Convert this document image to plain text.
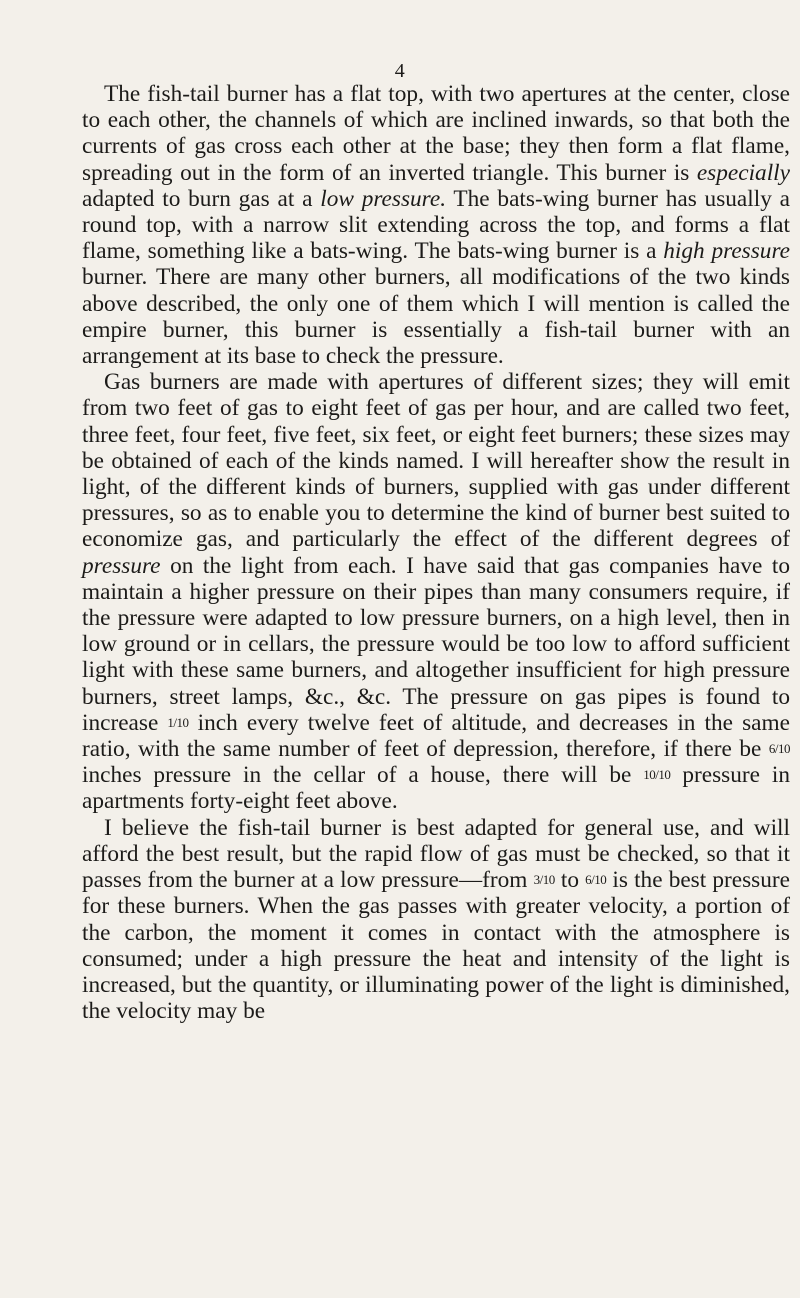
4

The fish-tail burner has a flat top, with two apertures at the center, close to each other, the channels of which are inclined inwards, so that both the currents of gas cross each other at the base; they then form a flat flame, spreading out in the form of an inverted triangle. This burner is especially adapted to burn gas at a low pressure. The bats-wing burner has usually a round top, with a narrow slit extending across the top, and forms a flat flame, something like a bats-wing. The bats-wing burner is a high pressure burner. There are many other burners, all modifications of the two kinds above described, the only one of them which I will mention is called the empire burner, this burner is essentially a fish-tail burner with an arrangement at its base to check the pressure.

Gas burners are made with apertures of different sizes; they will emit from two feet of gas to eight feet of gas per hour, and are called two feet, three feet, four feet, five feet, six feet, or eight feet burners; these sizes may be obtained of each of the kinds named. I will hereafter show the result in light, of the different kinds of burners, supplied with gas under different pressures, so as to enable you to determine the kind of burner best suited to economize gas, and particularly the effect of the different degrees of pressure on the light from each. I have said that gas companies have to maintain a higher pressure on their pipes than many consumers require, if the pressure were adapted to low pressure burners, on a high level, then in low ground or in cellars, the pressure would be too low to afford sufficient light with these same burners, and altogether insufficient for high pressure burners, street lamps, &c., &c. The pressure on gas pipes is found to increase 1/10 inch every twelve feet of altitude, and decreases in the same ratio, with the same number of feet of depression, therefore, if there be 6/10 inches pressure in the cellar of a house, there will be 10/10 pressure in apartments forty-eight feet above.

I believe the fish-tail burner is best adapted for general use, and will afford the best result, but the rapid flow of gas must be checked, so that it passes from the burner at a low pressure—from 3/10 to 6/10 is the best pressure for these burners. When the gas passes with greater velocity, a portion of the carbon, the moment it comes in contact with the atmosphere is consumed; under a high pressure the heat and intensity of the light is increased, but the quantity, or illuminating power of the light is diminished, the velocity may be
